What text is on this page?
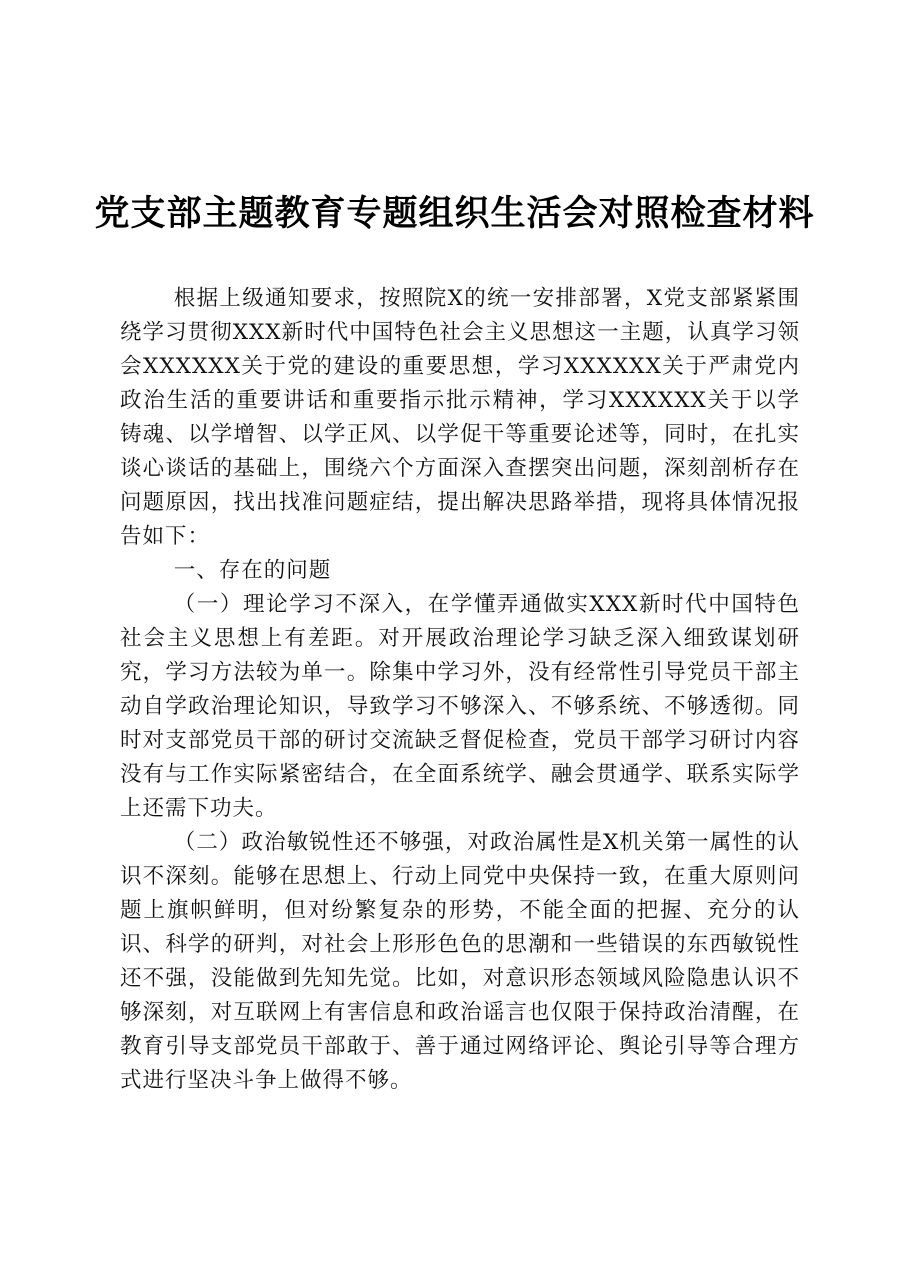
党支部主题教育专题组织生活会对照检查材料

根据上级通知要求，按照院X的统一安排部署，X党支部紧紧围绕学习贯彻XXX新时代中国特色社会主义思想这一主题，认真学习领会XXXXXX关于党的建设的重要思想，学习XXXXXX关于严肃党内政治生活的重要讲话和重要指示批示精神，学习XXXXXX关于以学铸魂、以学增智、以学正风、以学促干等重要论述等，同时，在扎实谈心谈话的基础上，围绕六个方面深入查摆突出问题，深刻剖析存在问题原因，找出找准问题症结，提出解决思路举措，现将具体情况报告如下：

一、存在的问题

（一）理论学习不深入，在学懂弄通做实XXX新时代中国特色社会主义思想上有差距。对开展政治理论学习缺乏深入细致谋划研究，学习方法较为单一。除集中学习外，没有经常性引导党员干部主动自学政治理论知识，导致学习不够深入、不够系统、不够透彻。同时对支部党员干部的研讨交流缺乏督促检查，党员干部学习研讨内容没有与工作实际紧密结合，在全面系统学、融会贯通学、联系实际学上还需下功夫。

（二）政治敏锐性还不够强，对政治属性是X机关第一属性的认识不深刻。能够在思想上、行动上同党中央保持一致，在重大原则问题上旗帜鲜明，但对纷繁复杂的形势，不能全面的把握、充分的认识、科学的研判，对社会上形形色色的思潮和一些错误的东西敏锐性还不强，没能做到先知先觉。比如，对意识形态领域风险隐患认识不够深刻，对互联网上有害信息和政治谣言也仅限于保持政治清醒，在教育引导支部党员干部敢于、善于通过网络评论、舆论引导等合理方式进行坚决斗争上做得不够。
